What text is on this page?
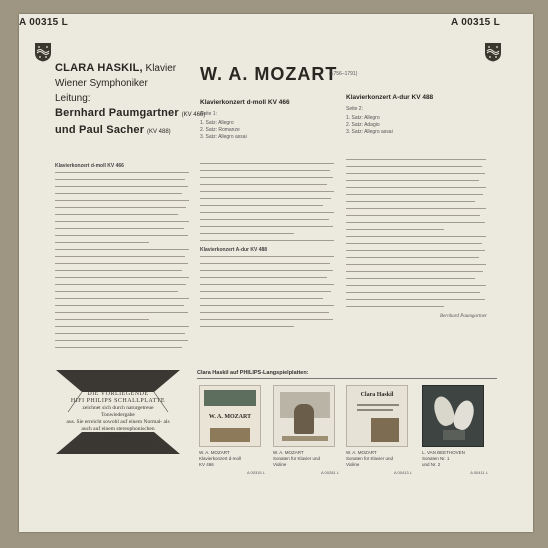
A 00315 L	A 00315 L
CLARA HASKIL, Klavier
Wiener Symphoniker
Leitung:
Bernhard Paumgartner (KV 466)
und Paul Sacher (KV 488)
W. A. MOZART
(1756–1791)
Klavierkonzert d-moll KV 466
Seite 1:
1. Satz: Allegro
2. Satz: Romanze
3. Satz: Allegro assai
Klavierkonzert A-dur KV 488
Seite 2:
1. Satz: Allegro
2. Satz: Adagio
3. Satz: Allegro assai
Klavierkonzert d-moll KV 466
Klavierkonzert A-dur KV 488
Bernhard Paumgartner
DIE VORLIEGENDE
HIFI PHILIPS SCHALLPLATTE
zeichnet sich durch naturgetreue Tonwiedergabe
aus. Sie erreicht sowohl auf einem Normal- als
auch auf einem stereophonischen Plattenspieler
hervorragende Klangergebnisse.
Clara Haskil auf PHILIPS-Langspielplatten:
W. A. MOZART
W. A. MOZART
Klavierkonzert d-moll
KV 466
A 00315 L
W. A. MOZART
Sonaten für Klavier und
Violine
A 00281 L
Clara Haskil
W. A. MOZART
Sonaten für Klavier und
Violine
A 00413 L
L. VAN BEETHOVEN
Sonaten Nr. 1
und Nr. 2
A 00411 L
